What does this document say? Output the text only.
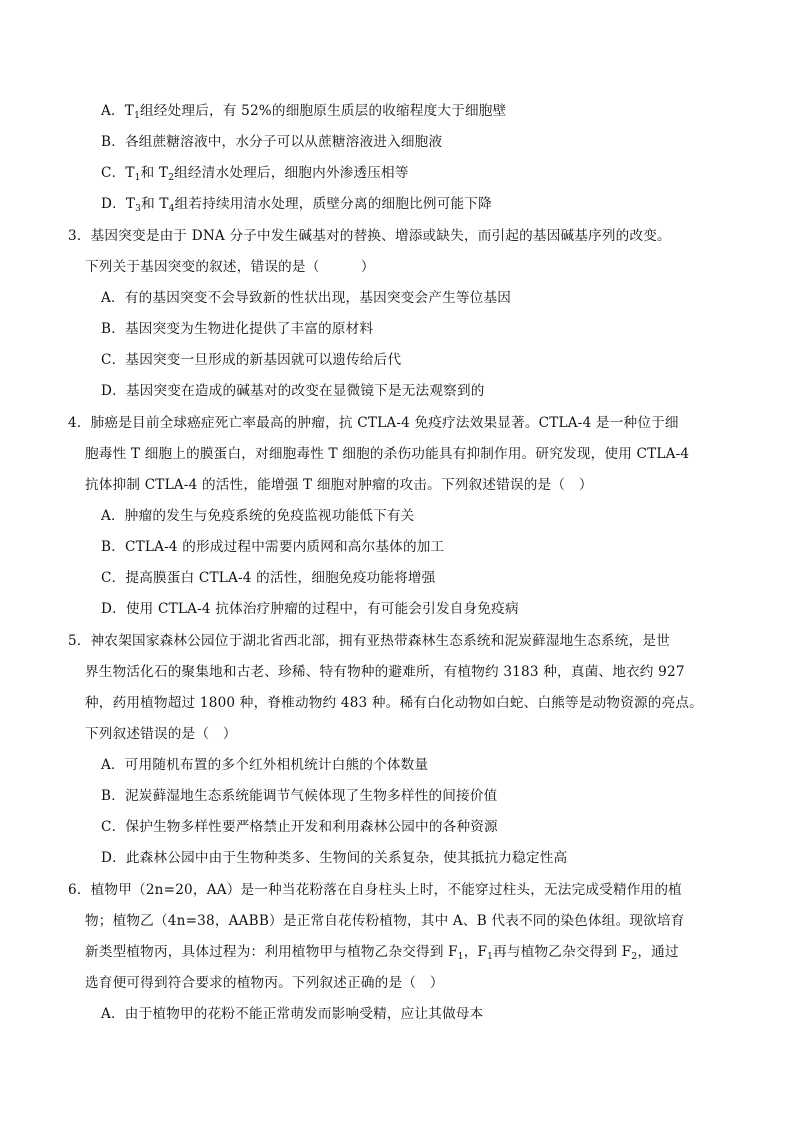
A．$T_1$组经处理后，有 52%的细胞原生质层的收缩程度大于细胞壁
B．各组蔗糖溶液中，水分子可以从蔗糖溶液进入细胞液
C．$T_1$和 $T_2$组经清水处理后，细胞内外渗透压相等
D．$T_3$和 $T_4$组若持续用清水处理，质壁分离的细胞比例可能下降
3．基因突变是由于 DNA 分子中发生碱基对的替换、增添或缺失，而引起的基因碱基序列的改变。
下列关于基因突变的叙述，错误的是（　　　）
A．有的基因突变不会导致新的性状出现，基因突变会产生等位基因
B．基因突变为生物进化提供了丰富的原材料
C．基因突变一旦形成的新基因就可以遗传给后代
D．基因突变在造成的碱基对的改变在显微镜下是无法观察到的
4．肺癌是目前全球癌症死亡率最高的肿瘤，抗 CTLA-4 免疫疗法效果显著。CTLA-4 是一种位于细
胞毒性 T 细胞上的膜蛋白，对细胞毒性 T 细胞的杀伤功能具有抑制作用。研究发现，使用 CTLA-4
抗体抑制 CTLA-4 的活性，能增强 T 细胞对肿瘤的攻击。下列叙述错误的是（　）
A．肿瘤的发生与免疫系统的免疫监视功能低下有关
B．CTLA-4 的形成过程中需要内质网和高尔基体的加工
C．提高膜蛋白 CTLA-4 的活性，细胞免疫功能将增强
D．使用 CTLA-4 抗体治疗肿瘤的过程中，有可能会引发自身免疫病
5．神农架国家森林公园位于湖北省西北部，拥有亚热带森林生态系统和泥炭藓湿地生态系统，是世
界生物活化石的聚集地和古老、珍稀、特有物种的避难所，有植物约 3183 种，真菌、地衣约 927
种，药用植物超过 1800 种，脊椎动物约 483 种。稀有白化动物如白蛇、白熊等是动物资源的亮点。
下列叙述错误的是（　）
A．可用随机布置的多个红外相机统计白熊的个体数量
B．泥炭藓湿地生态系统能调节气候体现了生物多样性的间接价值
C．保护生物多样性要严格禁止开发和利用森林公园中的各种资源
D．此森林公园中由于生物种类多、生物间的关系复杂，使其抵抗力稳定性高
6．植物甲（2n=20，AA）是一种当花粉落在自身柱头上时，不能穿过柱头，无法完成受精作用的植
物；植物乙（4n=38，AABB）是正常自花传粉植物，其中 A、B 代表不同的染色体组。现欲培育
新类型植物丙，具体过程为：利用植物甲与植物乙杂交得到 $F_1$，$F_1$再与植物乙杂交得到 $F_2$，通过
选育便可得到符合要求的植物丙。下列叙述正确的是（　）
A．由于植物甲的花粉不能正常萌发而影响受精，应让其做母本
